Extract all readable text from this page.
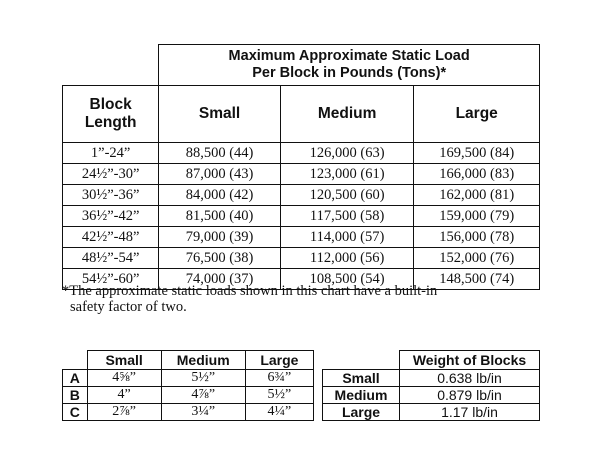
	Maximum Approximate Static Load
Per Block in Pounds (Tons)*		
Block
Length	Small	Medium	Large
1”-24”	88,500 (44)	126,000 (63)	169,500 (84)
24½”-30”	87,000 (43)	123,000 (61)	166,000 (83)
30½”-36”	84,000 (42)	120,500 (60)	162,000 (81)
36½”-42”	81,500 (40)	117,500 (58)	159,000 (79)
42½”-48”	79,000 (39)	114,000 (57)	156,000 (78)
48½”-54”	76,500 (38)	112,000 (56)	152,000 (76)
54½”-60”	74,000 (37)	108,500 (54)	148,500 (74)
*The approximate static loads shown in this chart have a built-in
safety factor of two.
	Small	Medium	Large
A	4⅝”	5½”	6¾”
B	4”	4⅞”	5½”
C	2⅞”	3¼”	4¼”
	Weight of Blocks
Small	0.638 lb/in
Medium	0.879 lb/in
Large	1.17 lb/in
